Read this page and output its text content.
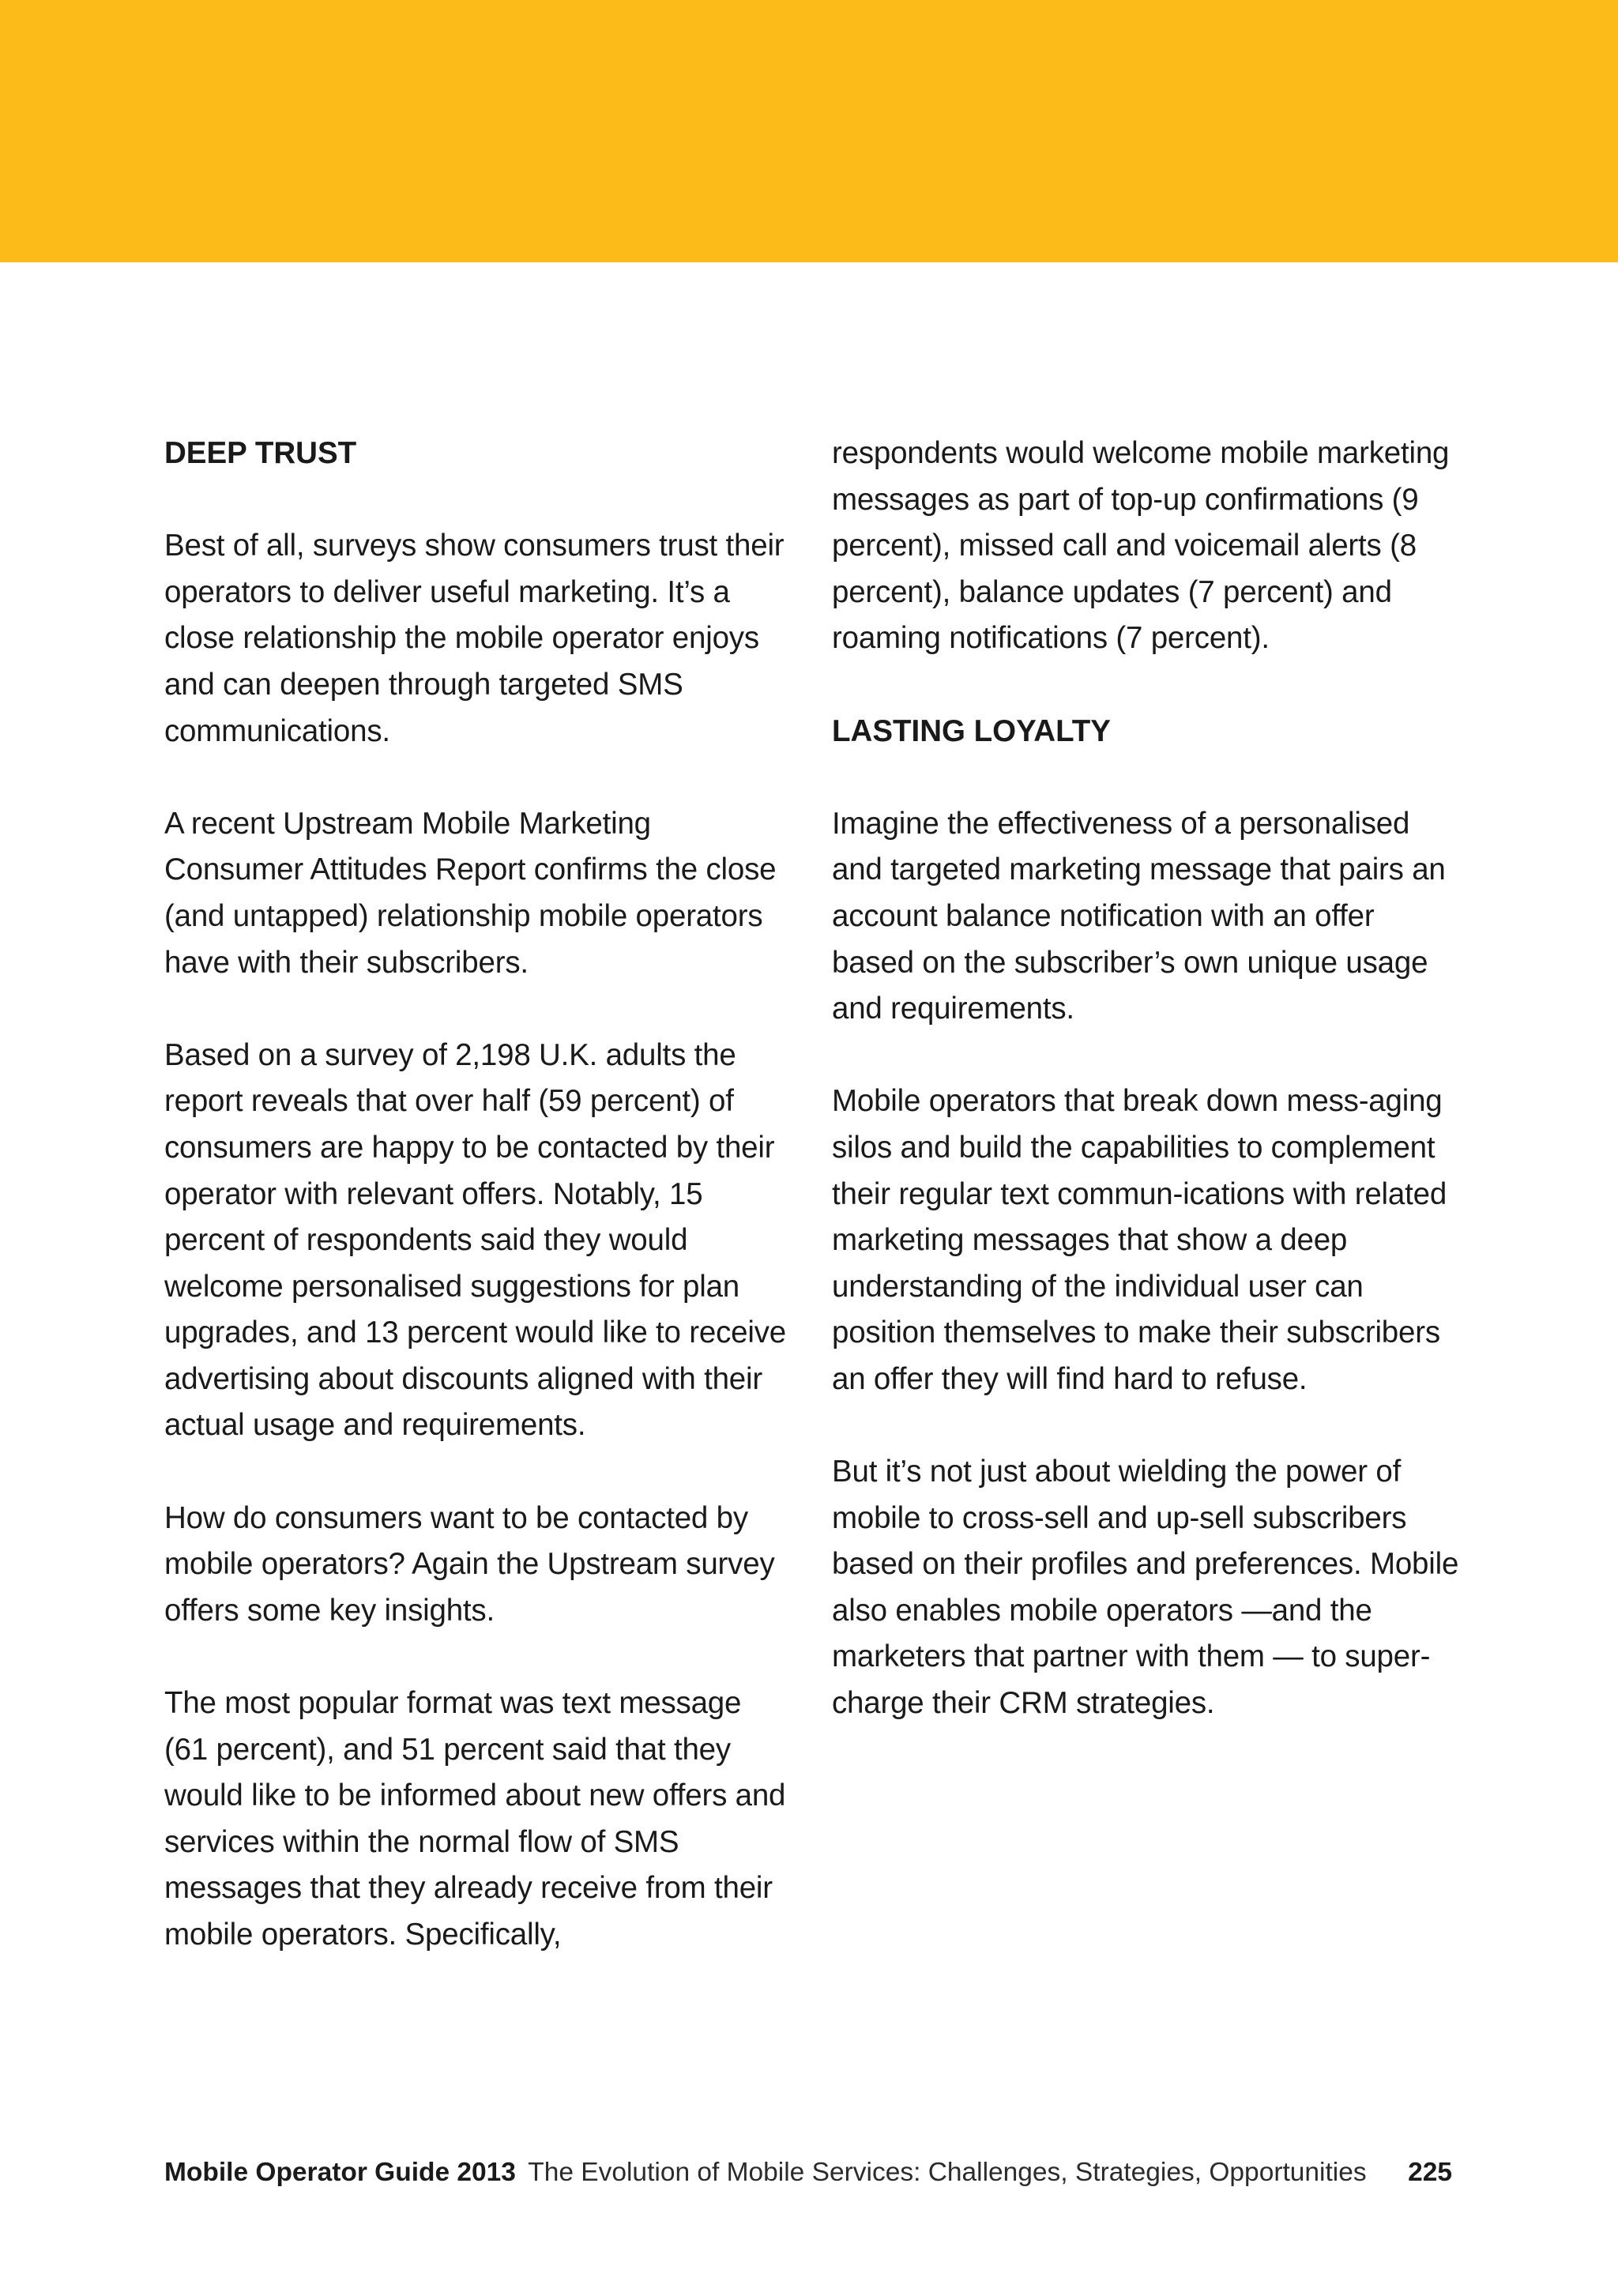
DEEP TRUST

Best of all, surveys show consumers trust their operators to deliver useful marketing. It’s a close relationship the mobile operator enjoys and can deepen through targeted SMS communications.

A recent Upstream Mobile Marketing Consumer Attitudes Report confirms the close (and untapped) relationship mobile operators have with their subscribers.

Based on a survey of 2,198 U.K. adults the report reveals that over half (59 percent) of consumers are happy to be contacted by their operator with relevant offers. Notably, 15 percent of respondents said they would welcome personalised suggestions for plan upgrades, and 13 percent would like to receive advertising about discounts aligned with their actual usage and requirements.

How do consumers want to be contacted by mobile operators? Again the Upstream survey offers some key insights.

The most popular format was text message (61 percent), and 51 percent said that they would like to be informed about new offers and services within the normal flow of SMS messages that they already receive from their mobile operators. Specifically,

respondents would welcome mobile marketing messages as part of top-up confirmations (9 percent), missed call and voicemail alerts (8 percent), balance updates (7 percent) and roaming notifications (7 percent).

LASTING LOYALTY

Imagine the effectiveness of a personalised and targeted marketing message that pairs an account balance notification with an offer based on the subscriber’s own unique usage and requirements.

Mobile operators that break down mess-aging silos and build the capabilities to complement their regular text commun-ications with related marketing messages that show a deep understanding of the individual user can position themselves to make their subscribers an offer they will find hard to refuse.

But it’s not just about wielding the power of mobile to cross-sell and up-sell subscribers based on their profiles and preferences. Mobile also enables mobile operators —and the marketers that partner with them — to super-charge their CRM strategies.

Mobile Operator Guide 2013 The Evolution of Mobile Services: Challenges, Strategies, Opportunities 225
